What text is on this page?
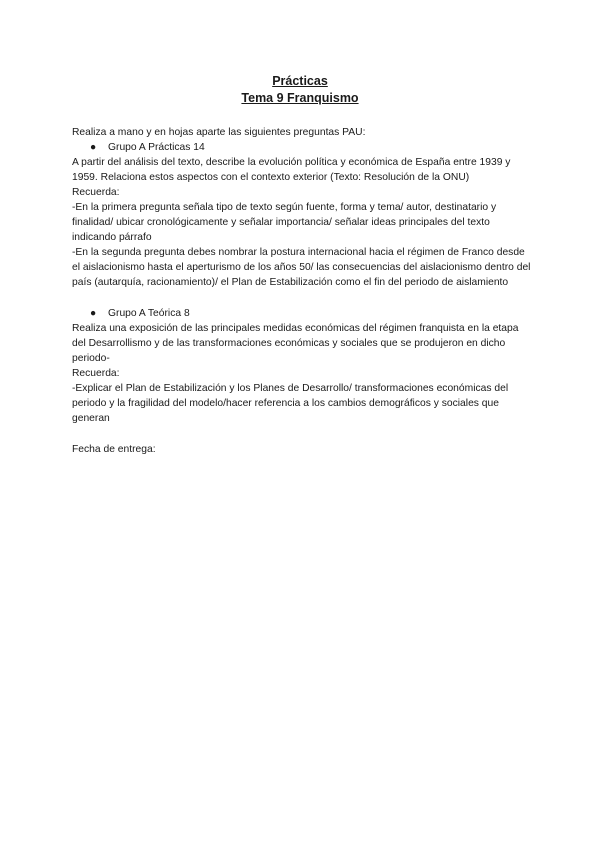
Prácticas

Tema 9 Franquismo

Realiza a mano y en hojas aparte las siguientes preguntas PAU:

● Grupo A Prácticas 14

A partir del análisis del texto, describe la evolución política y económica de España entre 1939 y 1959. Relaciona estos aspectos con el contexto exterior (Texto: Resolución de la ONU)

Recuerda:

-En la primera pregunta señala tipo de texto según fuente, forma y tema/ autor, destinatario y finalidad/ ubicar cronológicamente y señalar importancia/ señalar ideas principales del texto indicando párrafo

-En la segunda pregunta debes nombrar la postura internacional hacia el régimen de Franco desde el aislacionismo hasta el aperturismo de los años 50/ las consecuencias del aislacionismo dentro del país (autarquía, racionamiento)/ el Plan de Estabilización como el fin del periodo de aislamiento

● Grupo A Teórica 8

Realiza una exposición de las principales medidas económicas del régimen franquista en la etapa del Desarrollismo y de las transformaciones económicas y sociales que se produjeron en dicho periodo-

Recuerda:

-Explicar el Plan de Estabilización y los Planes de Desarrollo/ transformaciones económicas del periodo y la fragilidad del modelo/hacer referencia a los cambios demográficos y sociales que generan

Fecha de entrega:
